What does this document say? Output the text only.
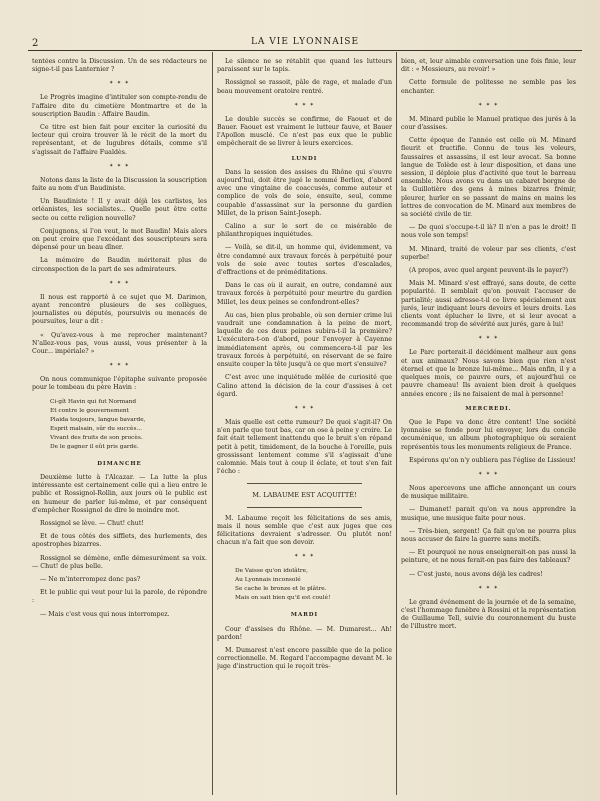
2	LA VIE LYONNAISE

tentées contre la Discussion. Un de ses rédacteurs ne signe-t-il pas Lanternier ?

✶ ✶ ✶

Le Progrès imagine d'intituler son compte-rendu de l'affaire dite du cimetière Montmartre et de la souscription Baudin : Affaire Baudin.

Ce titre est bien fait pour exciter la curiosité du lecteur qui croira trouver là le récit de la mort du représentant, et de lugubres détails, comme s'il s'agissait de l'affaire Fualdès.

✶ ✶ ✶

Notons dans la liste de la Discussion la souscription faite au nom d'un Baudiniste.

Un Baudiniste ! Il y avait déjà les carlistes, les orléanistes, les socialistes... Quelle peut être cette secte ou cette religion nouvelle?

Conjugnons, si l'on veut, le mot Baudin! Mais alors on peut croire que l'excédant des souscripteurs sera dépensé pour un beau dîner.

La mémoire de Baudin mériterait plus de circonspection de la part de ses admirateurs.

✶ ✶ ✶

Il nous est rapporté à ce sujet que M. Darimon, ayant rencontré plusieurs de ses collègues, journalistes ou députés, poursuivis ou menacés de poursuites, leur a dit :

« Qu'avez-vous à me reprocher maintenant? N'allez-vous pas, vous aussi, vous présenter à la Cour... impériale? »

✶ ✶ ✶

On nous communique l'épitaphe suivante proposée pour le tombeau du père Havin :

Ci-gît Havin qui fut Normand
Et contre le gouvernement
Plaida toujours, langue bavarde,
Esprit malsain, sûr du succès...
Vivant des fruits de son procès.
De le gagner il eût pris garde.
DIMANCHE

Deuxième lutte à l'Alcazar. — La lutte la plus intéressante est certainement celle qui a lieu entre le public et Rossignol-Rollin, aux jours où le public est en humeur de parler lui-même, et par conséquent d'empêcher Rossignol de dire le moindre mot.

Rossignol se lève. — Chut! chut!

Et de tous côtés des sifflets, des hurlements, des apostrophes bizarres.

Rossignol se démène, enfle démesurément sa voix. — Chut! de plus belle.

— Ne m'interrompez donc pas?

Et le public qui veut pour lui la parole, de répondre :

— Mais c'est vous qui nous interrompez.

Le silence ne se rétablit que quand les lutteurs paraissent sur le tapis.

Rossignol se rassoit, pâle de rage, et malade d'un beau mouvement oratoire rentré.

✶ ✶ ✶

Le double succès se confirme, de Faouet et de Bauer. Faouet est vraiment le lutteur fauve, et Bauer l'Apollon musclé. Ce n'est pas eux que le public empêcherait de se livrer à leurs exercices.

LUNDI

Dans la session des assises du Rhône qui s'ouvre aujourd'hui, doit être jugé le nommé Berliox, d'abord avec une vingtaine de coaccusés, comme auteur et complice de vols de soie, ensuite, seul, comme coupable d'assassinat sur la personne du gardien Millet, de la prison Saint-Joseph.

Calino a sur le sort de ce misérable de philanthropiques inquiétudes.

— Voilà, se dit-il, un homme qui, évidemment, va être condamné aux travaux forcés à perpétuité pour vols de soie avec toutes sortes d'escalades, d'effractions et de préméditations.

Dans le cas où il aurait, en outre, condamné aux travaux forcés à perpétuité pour meurtre du gardien Millet, les deux peines se confondront-elles?

Au cas, bien plus probable, où son dernier crime lui vaudrait une condamnation à la peine de mort, laquelle de ces deux peines subira-t-il la première? L'exécutera-t-on d'abord, pour l'envoyer à Cayenne immédiatement après, ou commencera-t-il par les travaux forcés à perpétuité, en réservant de se faire ensuite couper la tête jusqu'à ce que mort s'ensuive?

C'est avec une inquiétude mêlée de curiosité que Calino attend la décision de la cour d'assises à cet égard.

✶ ✶ ✶

Mais quelle est cette rumeur? De quoi s'agit-il? On n'en parle que tout bas, car on ose à peine y croire. Le fait était tellement inattendu que le bruit s'en répand petit à petit, timidement, de la bouche à l'oreille, puis grossissant lentement comme s'il s'agissait d'une calomnie. Mais tout à coup il éclate, et tout s'en fait l'écho :

M. LABAUME EST ACQUITTÉ!

M. Labaume reçoit les félicitations de ses amis, mais il nous semble que c'est aux juges que ces félicitations devraient s'adresser. Ou plutôt non! chacun n'a fait que son devoir.

✶ ✶ ✶
De Vaisse qu'on idolâtre,
Au Lyonnais inconsolé
Se cache le bronze et le plâtre.
Mais on sait bien qu'il est coulé!
MARDI

Cour d'assises du Rhône. — M. Dumarest... Ah! pardon!

M. Dumarest n'est encore passible que de la police correctionnelle. M. Regard l'accompagne devant M. le juge d'instruction qui le reçoit très-

bien, et, leur aimable conversation une fois finie, leur dit : « Messieurs, au revoir! »

Cette formule de politesse ne semble pas les enchanter.

✶ ✶ ✶

M. Minard publie le Manuel pratique des jurés à la cour d'assises.

Cette époque de l'année est celle où M. Minard fleurit et fructifie. Connu de tous les voleurs, faussaires et assassins, il est leur avocat. Sa bonne langue de Tolède est à leur disposition, et dans une session, il déploie plus d'activité que tout le barreau ensemble. Nous avons vu dans un cabaret borgne de la Guillotière des gens à mines bizarres frémir, pleurer, hurler en se passant de mains en mains les lettres de convocation de M. Minard aux membres de sa société civile de tir.

— De quoi s'occupe-t-il là? Il n'en a pas le droit! Il nous vole son temps!

M. Minard, traité de voleur par ses clients, c'est superbe!

(A propos, avec quel argent peuvent-ils le payer?)

Mais M. Minard s'est effrayé, sans doute, de cette popularité. Il semblait qu'on pouvait l'accuser de partialité; aussi adresse-t-il ce livre spécialement aux jurés, leur indiquant leurs devoirs et leurs droits. Les clients vont éplucher le livre, et si leur avocat a recommandé trop de sévérité aux jurés, gare à lui!

✶ ✶ ✶

Le Parc porterait-il décidément malheur aux gens et aux animaux? Nous savons bien que rien n'est éternel et que le bronze lui-même... Mais enfin, il y a quelques mois, ce pauvre ours, et aujourd'hui ce pauvre chameau! Ils avaient bien droit à quelques années encore ; ils ne faisaient de mal à personne!

MERCREDI.

Que le Pape va donc être content! Une société lyonnaise se fonde pour lui envoyer, lors du concile œcuménique, un album photographique où seraient représentés tous les monuments religieux de France.

Espérons qu'on n'y oubliera pas l'église de Lissieux!

✶ ✶ ✶

Nous apercevons une affiche annonçant un cours de musique militaire.

— Dumanet! parait qu'on va nous apprendre la musique, une musique faite pour nous.

— Très-bien, sergent! Ça fait qu'on ne pourra plus nous accuser de faire la guerre sans motifs.

— Et pourquoi ne nous enseignerait-on pas aussi la peinture, et ne nous ferait-on pas faire des tableaux?

— C'est juste, nous avons déjà les cadres!

✶ ✶ ✶

Le grand événement de la journée et de la semaine, c'est l'hommage funèbre à Rossini et la représentation de Guillaume Tell, suivie du couronnement du buste de l'illustre mort.
